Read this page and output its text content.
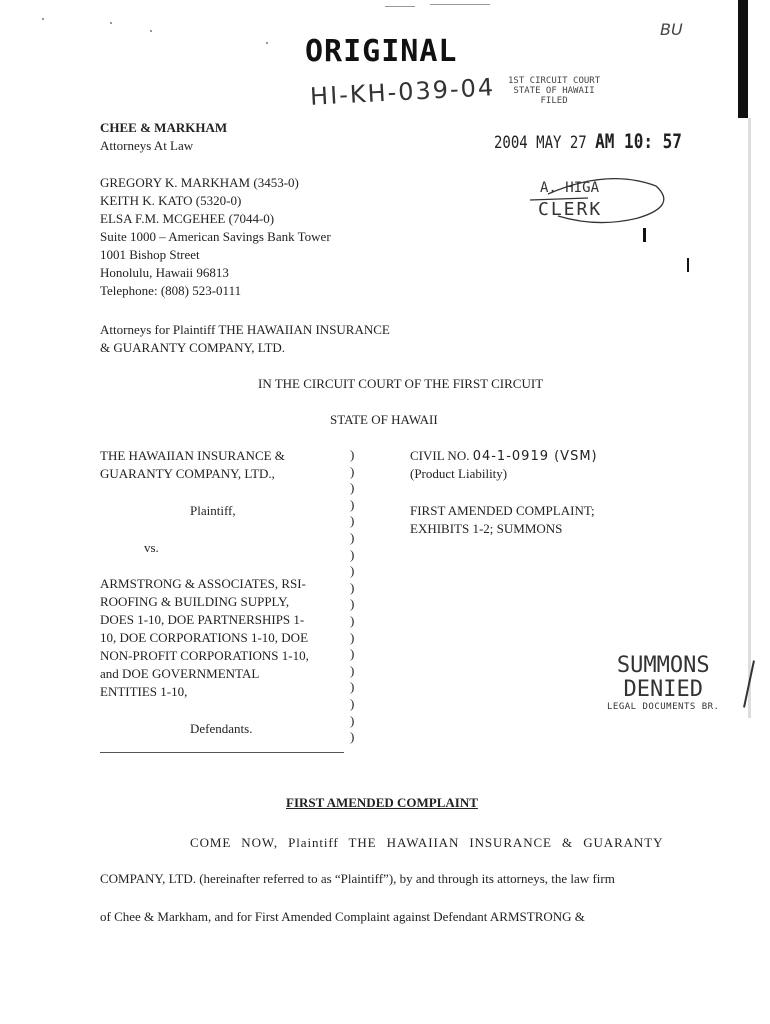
ORIGINAL
HI-KH-039-04 1ST CIRCUIT COURT
STATE OF HAWAII
FILED
2004 MAY 27 AM 10: 57
BU
A. HIGA
CLERK
CHEE & MARKHAM
Attorneys At Law
GREGORY K. MARKHAM (3453-0)
KEITH K. KATO (5320-0)
ELSA F.M. MCGEHEE (7044-0)
Suite 1000 – American Savings Bank Tower
1001 Bishop Street
Honolulu, Hawaii 96813
Telephone: (808) 523-0111
Attorneys for Plaintiff THE HAWAIIAN INSURANCE
& GUARANTY COMPANY, LTD.
IN THE CIRCUIT COURT OF THE FIRST CIRCUIT
STATE OF HAWAII
THE HAWAIIAN INSURANCE &
GUARANTY COMPANY, LTD.,
Plaintiff,
vs.
ARMSTRONG & ASSOCIATES, RSI-
ROOFING & BUILDING SUPPLY,
DOES 1-10, DOE PARTNERSHIPS 1-
10, DOE CORPORATIONS 1-10, DOE
NON-PROFIT CORPORATIONS 1-10,
and DOE GOVERNMENTAL
ENTITIES 1-10,
Defendants.
)
)
)
)
)
)
)
)
)
)
)
)
)
)
)
)
)
)
CIVIL NO. 04-1-0919 (VSM)
(Product Liability)
FIRST AMENDED COMPLAINT;
EXHIBITS 1-2; SUMMONS
SUMMONS
DENIED
LEGAL DOCUMENTS BR.
FIRST AMENDED COMPLAINT
COME NOW, Plaintiff THE HAWAIIAN INSURANCE & GUARANTY
COMPANY, LTD. (hereinafter referred to as “Plaintiff”), by and through its attorneys, the law firm
of Chee & Markham, and for First Amended Complaint against Defendant ARMSTRONG &
